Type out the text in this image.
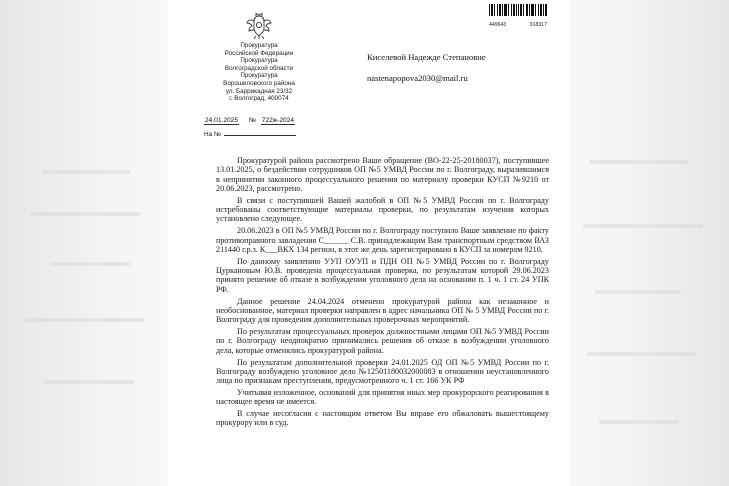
449643	918317
Прокуратура
Российской Федерации
Прокуратура
Волгоградской области
Прокуратура
Ворошиловского района
ул. Баррикадная 23/32
г. Волгоград, 400074
24.01.2025 № 722ж-2024
На №
Киселевой Надежде Степановне
nastenapopova2030@mail.ru

Прокуратурой района рассмотрено Ваше обращение (ВО-22-25-20180037), поступившее 13.01.2025, о бездействии сотрудников ОП №5 УМВД России по г. Волгограду, выразившимся в непринятии законного процессуального решения по материалу проверки КУСП №9210 от 20.06.2023, рассмотрено.

В связи с поступившей Вашей жалобой в ОП №5 УМВД России по г. Волгограду истребованы соответствующие материалы проверки, по результатам изучения которых установлено следующее.

20.06.2023 в ОП №5 УМВД России по г. Волгограду поступило Ваше заявление по факту противоправного завладения С______ С.В. принадлежащим Вам транспортным средством ВАЗ 211440 г.р.з. К___ВКХ 134 регион, в этот же день зарегистрировано в КУСП за номером 9210.

По данному заявлению УУП ОУУП и ПДН ОП №5 УМВД России по г. Волгограду Цуркановым Ю.В. проведена процессуальная проверка, по результатам которой 29.06.2023 принято решение об отказе в возбуждении уголовного дела на основании п. 1 ч. 1 ст. 24 УПК РФ.

Данное решение 24.04.2024 отменено прокуратурой района как незаконное и необоснованное, материал проверки направлен в адрес начальника ОП № 5 УМВД России по г. Волгограду для проведения дополнительных проверочных мероприятий.

По результатам процессуальных проверок должностными лицами ОП №5 УМВД России по г. Волгограду неоднократно принимались решения об отказе в возбуждении уголовного дела, которые отменялись прокуратурой района.

По результатам дополнительной проверки 24.01.2025 ОД ОП №5 УМВД России по г. Волгограду возбуждено уголовное дело №12501180032000083 в отношении неустановленного лица по признакам преступления, предусмотренного ч. 1 ст. 166 УК РФ

Учитывая изложенное, оснований для принятия иных мер прокурорского реагирования в настоящее время не имеется.

В случае несогласия с настоящим ответом Вы вправе его обжаловать вышестоящему прокурору или в суд.
